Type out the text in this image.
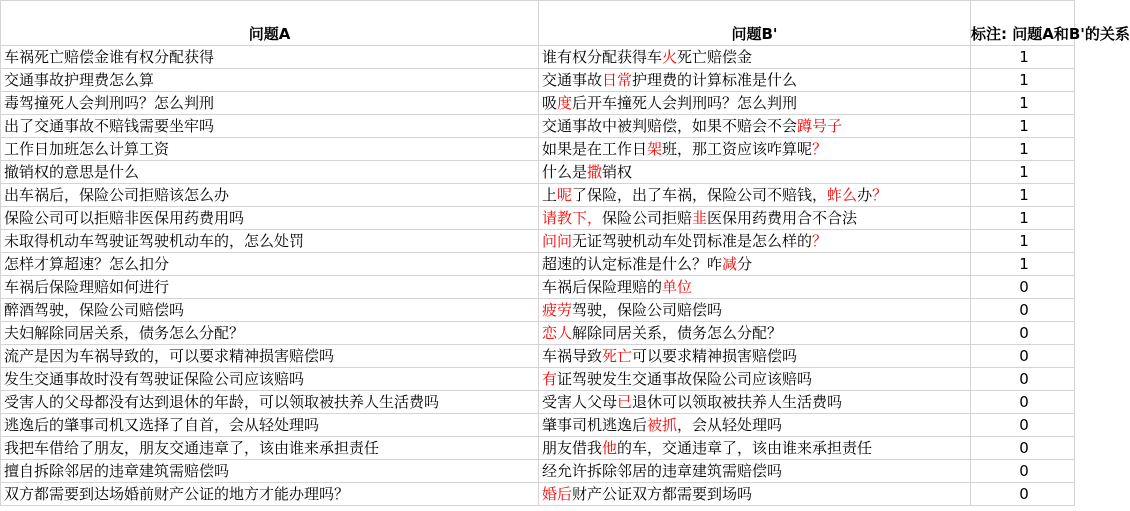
问题A	问题B'	标注: 问题A和B'的关系
车祸死亡赔偿金谁有权分配获得	谁有权分配获得车火死亡赔偿金	1
交通事故护理费怎么算	交通事故日常护理费的计算标准是什么	1
毒驾撞死人会判刑吗？怎么判刑	吸度后开车撞死人会判刑吗？怎么判刑	1
出了交通事故不赔钱需要坐牢吗	交通事故中被判赔偿，如果不赔会不会蹲号子	1
工作日加班怎么计算工资	如果是在工作日架班，那工资应该咋算呢？	1
撤销权的意思是什么	什么是撒销权	1
出车祸后，保险公司拒赔该怎么办	上呢了保险，出了车祸，保险公司不赔钱，蚱么办？	1
保险公司可以拒赔非医保用药费用吗	请教下，保险公司拒赔韭医保用药费用合不合法	1
未取得机动车驾驶证驾驶机动车的，怎么处罚	问问无证驾驶机动车处罚标准是怎么样的？	1
怎样才算超速？怎么扣分	超速的认定标准是什么？咋减分	1
车祸后保险理赔如何进行	车祸后保险理赔的单位	0
醉酒驾驶，保险公司赔偿吗	疲劳驾驶，保险公司赔偿吗	0
夫妇解除同居关系，债务怎么分配？	恋人解除同居关系，债务怎么分配？	0
流产是因为车祸导致的，可以要求精神损害赔偿吗	车祸导致死亡可以要求精神损害赔偿吗	0
发生交通事故时没有驾驶证保险公司应该赔吗	有证驾驶发生交通事故保险公司应该赔吗	0
受害人的父母都没有达到退休的年龄，可以领取被扶养人生活费吗	受害人父母已退休可以领取被扶养人生活费吗	0
逃逸后的肇事司机又选择了自首，会从轻处理吗	肇事司机逃逸后被抓，会从轻处理吗	0
我把车借给了朋友，朋友交通违章了，该由谁来承担责任	朋友借我他的车，交通违章了，该由谁来承担责任	0
擅自拆除邻居的违章建筑需赔偿吗	经允许拆除邻居的违章建筑需赔偿吗	0
双方都需要到达场婚前财产公证的地方才能办理吗？	婚后财产公证双方都需要到场吗	0
